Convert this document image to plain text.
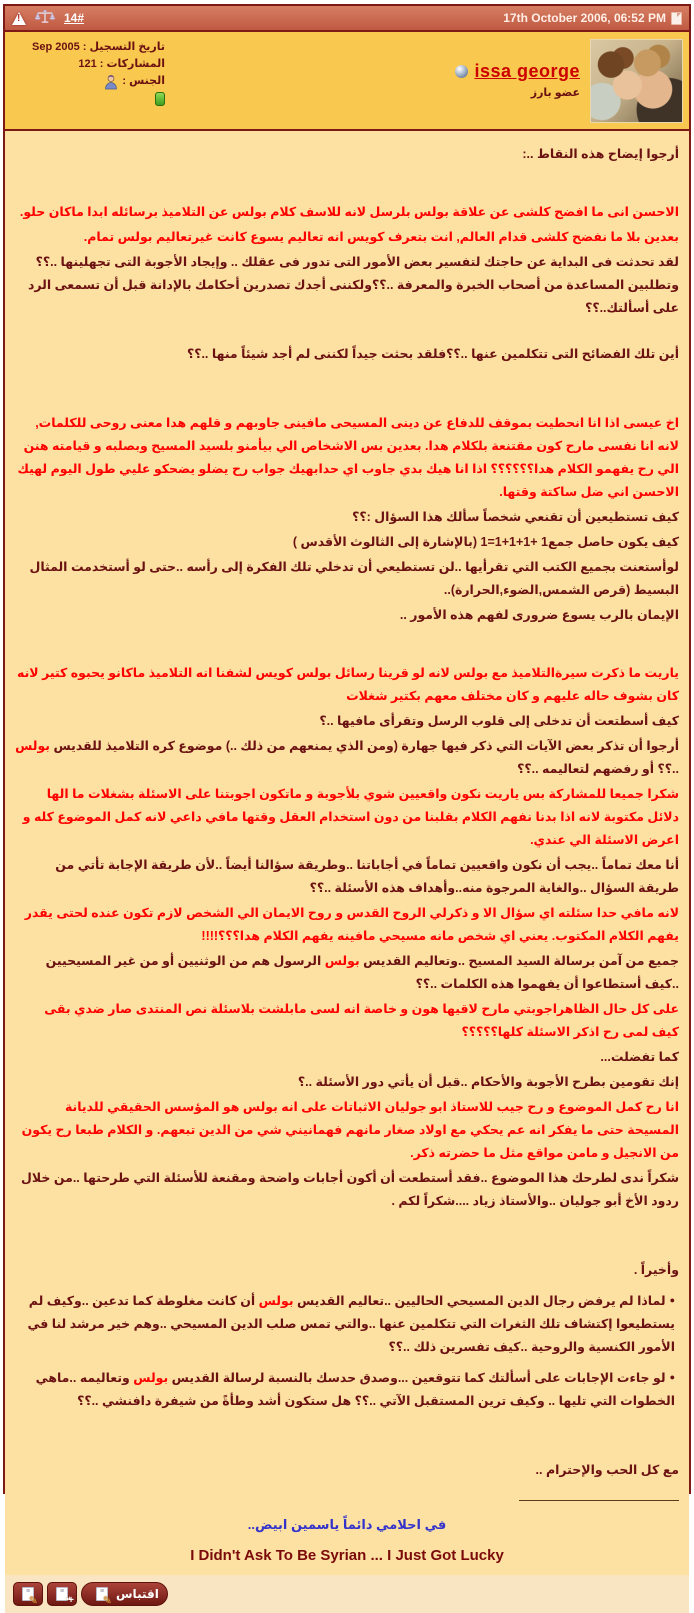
!
14#	17th October 2006, 06:52 PM
تاريخ التسجيل : Sep 2005
المشاركات : 121
الجنس :
issa george
عضو بارز
أرجوا إيضاح هذه النقاط ..:
الاحسن انى ما افضح كلشى عن علاقة بولس بلرسل لانه للاسف كلام بولس عن التلاميذ برسائله ابدا ماكان حلو.
بعدين بلا ما نفضح كلشى قدام العالم, انت بتعرف كويس انه تعاليم يسوع كانت غيرتعاليم بولس تمام.
لقد تحدثت فى البداية عن حاجتك لتفسير بعض الأمور التى تدور فى عقلك .. وإيجاد الأجوبة التى تجهلينها ..؟؟ وتطلبين المساعدة من أصحاب الخبرة والمعرفة ..؟؟ولكننى أجدك تصدرين أحكامك بالإدانة قبل أن تسمعى الرد على أسألتك..؟؟
أين تلك الفضائح التى تتكلمين عنها ..؟؟فلقد بحثت جيداً لكننى لم أجد شيئاً منها ..؟؟
اخ عيسى اذا انا انحطيت بموقف للدفاع عن دينى المسيحى مافينى جاوبهم و قلهم هدا معنى روحى للكلمات, لانه انا نفسى مارح كون مقتنعة بلكلام هدا. بعدين بس الاشخاص الي بيأمنو بلسيد المسيح وبصلبه و قيامته هنن الي رح يفهمو الكلام هدا؟؟؟؟؟؟ اذا انا هيك بدي جاوب اي حدابهيك جواب رح يضلو يضحكو عليي طول اليوم لهيك الاحسن اني ضل ساكتة وقتها.
كيف تستطيعين أن تقنعي شخصاً سألك هذا السؤال :؟؟
كيف يكون حاصل جمع1 +1+1+1=1 (بالإشارة إلى الثالوث الأقدس )
لوأستعنت بجميع الكتب التي تقرأيها ..لن تستطيعي أن تدخلي تلك الفكرة إلى رأسه ..حتى لو أستخدمت المثال البسيط (قرص الشمس,الضوء,الحرارة)..
الإيمان بالرب يسوع ضرورى لفهم هذه الأمور ..
ياريت ما ذكرت سيرةالتلاميذ مع بولس لانه لو قرينا رسائل بولس كويس لشفنا انه التلاميذ ماكانو يحبوه كتير لانه كان بشوف حاله عليهم و كان مختلف معهم بكتير شغلات
كيف أسطتعت أن تدخلى إلى قلوب الرسل وتقرأى مافيها ..؟
أرجوا أن تذكر بعض الآيات التي ذكر فيها جهارة (ومن الذي يمنعهم من ذلك ..) موضوع كره التلاميذ للقديس بولس ..؟؟ أو رفضهم لتعاليمه ..؟؟
شكرا جميعا للمشاركة بس ياريت نكون واقعيين شوي بلأجوبة و ماتكون اجوبتنا على الاسئلة بشغلات ما الها دلائل مكتوبة لانه اذا بدنا نفهم الكلام بقلبنا من دون استخدام العقل وقتها مافي داعي لانه كمل الموضوع كله و اعرض الاسئلة الي عندي.
أنا معك تماماً ..يجب أن نكون واقعيين تماماً في أجاباتنا ..وطريقة سؤالنا أيضاً ..لأن طريقة الإجابة تأتي من طريقة السؤال ..والغاية المرجوة منه..وأهداف هذه الأسئلة ..؟؟
لانه مافي حدا سئلته اي سؤال الا و ذكرلي الروح القدس و روح الايمان الي الشخص لازم تكون عنده لحتى يقدر يفهم الكلام المكتوب. يعني اي شخص مانه مسيحي مافينه يفهم الكلام هدا؟؟؟!!!!
جميع من آمن برسالة السيد المسيح ..وتعاليم القديس بولس الرسول هم من الوثنيين أو من غير المسيحيين ..كيف أستطاعوا أن يفهموا هذه الكلمات ..؟؟
على كل حال الظاهراجوبتي مارح لاقيها هون و خاصة انه لسى مابلشت بلاسئلة نص المنتدى صار ضدي بقى كيف لمى رح اذكر الاسئلة كلها؟؟؟؟؟
كما تفضلت...
إنك تقومين بطرح الأجوبة والأحكام ..قبل أن يأتي دور الأسئلة ..؟
انا رح كمل الموضوع و رح جيب للاستاذ ابو جوليان الاثباتات على انه بولس هو المؤسس الحقيقي للديانة المسيحة حتى ما يفكر انه عم يحكي مع اولاد صغار مانهم فهمانيني شي من الدين تبعهم. و الكلام طبعا رح يكون من الانجيل و مامن مواقع مثل ما حضرته ذكر.
شكراً ندى لطرحك هذا الموضوع ..فقد أستطعت أن أكون أجابات واضحة ومقنعة للأسئلة التي طرحتها ..من خلال ردود الأخ أبو جوليان ..والأستاذ زياد ....شكراً لكم .
وأخيراً .
●لماذا لم يرفض رجال الدين المسيحي الحاليين ..تعاليم القديس بولس أن كانت مغلوطة كما تدعين ..وكيف لم يستطيعوا إكتشاف تلك الثغرات التي تتكلمين عنها ..والتي تمس صلب الدين المسيحي ..وهم خير مرشد لنا في الأمور الكنسية والروحية ..كيف تفسرين ذلك ..؟؟
●لو جاءت الإجابات على أسألتك كما تتوقعين ...وصدق حدسك بالنسبة لرسالة القديس بولس وتعاليمه ..ماهي الخطوات التي تليها .. وكيف ترين المستقبل الآتي ..؟؟ هل ستكون أشد وطأةً من شيفرة دافنشي ..؟؟
مع كل الحب والإحترام ..
في احلامي دائماً ياسمين ابيض..
I Didn't Ask To Be Syrian ... I Just Got Lucky
≡ ✎	≡ ❝
+	اقتباس
≡ ✎
